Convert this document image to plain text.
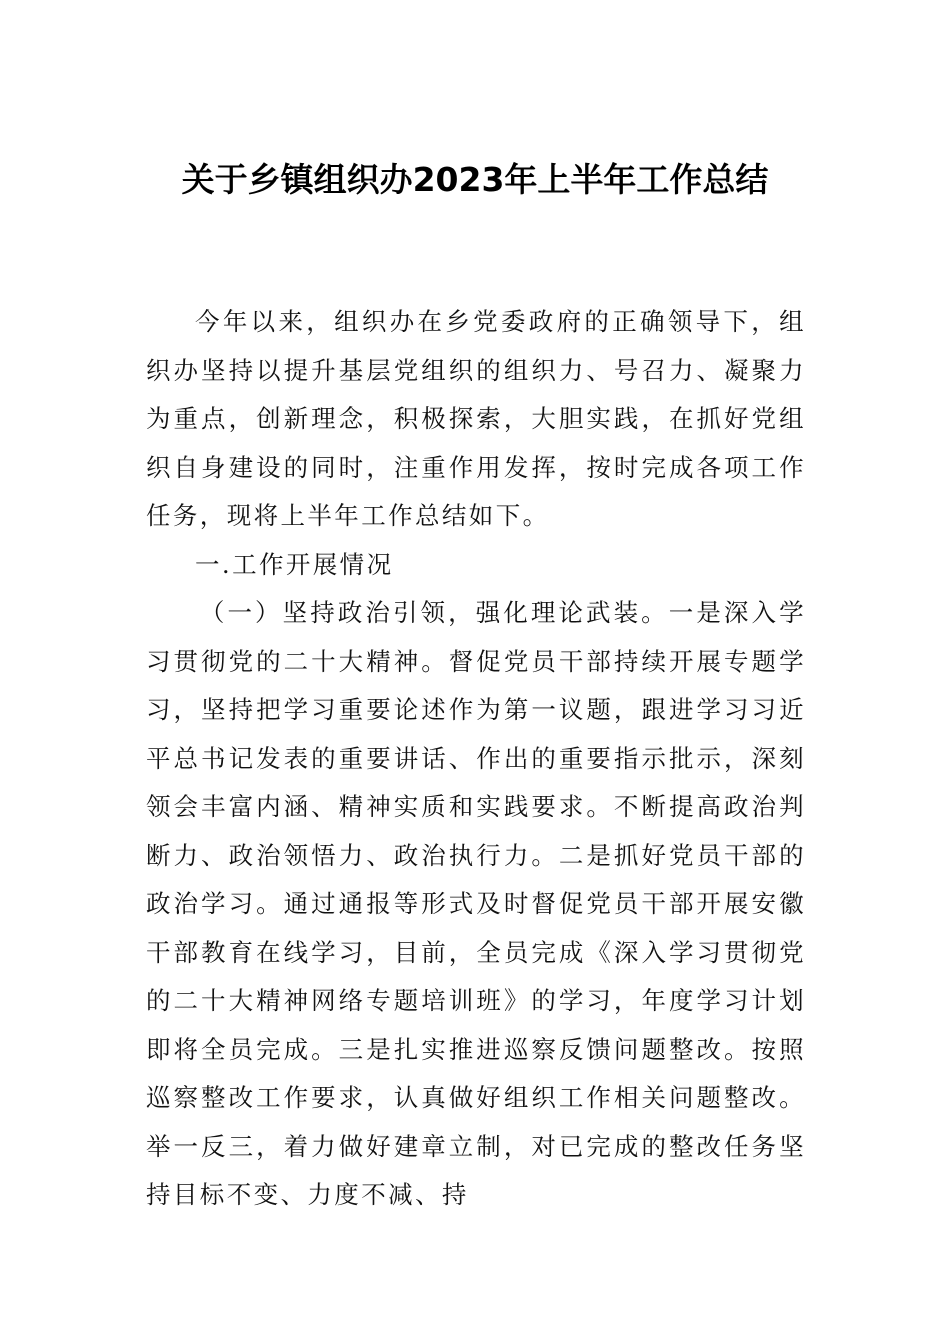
关于乡镇组织办2023年上半年工作总结

今年以来，组织办在乡党委政府的正确领导下，组织办坚持以提升基层党组织的组织力、号召力、凝聚力为重点，创新理念，积极探索，大胆实践，在抓好党组织自身建设的同时，注重作用发挥，按时完成各项工作任务，现将上半年工作总结如下。

一.工作开展情况

（一）坚持政治引领，强化理论武装。一是深入学习贯彻党的二十大精神。督促党员干部持续开展专题学习，坚持把学习重要论述作为第一议题，跟进学习习近平总书记发表的重要讲话、作出的重要指示批示，深刻领会丰富内涵、精神实质和实践要求。不断提高政治判断力、政治领悟力、政治执行力。二是抓好党员干部的政治学习。通过通报等形式及时督促党员干部开展安徽干部教育在线学习，目前，全员完成《深入学习贯彻党的二十大精神网络专题培训班》的学习，年度学习计划即将全员完成。三是扎实推进巡察反馈问题整改。按照巡察整改工作要求，认真做好组织工作相关问题整改。举一反三，着力做好建章立制，对已完成的整改任务坚持目标不变、力度不减、持
